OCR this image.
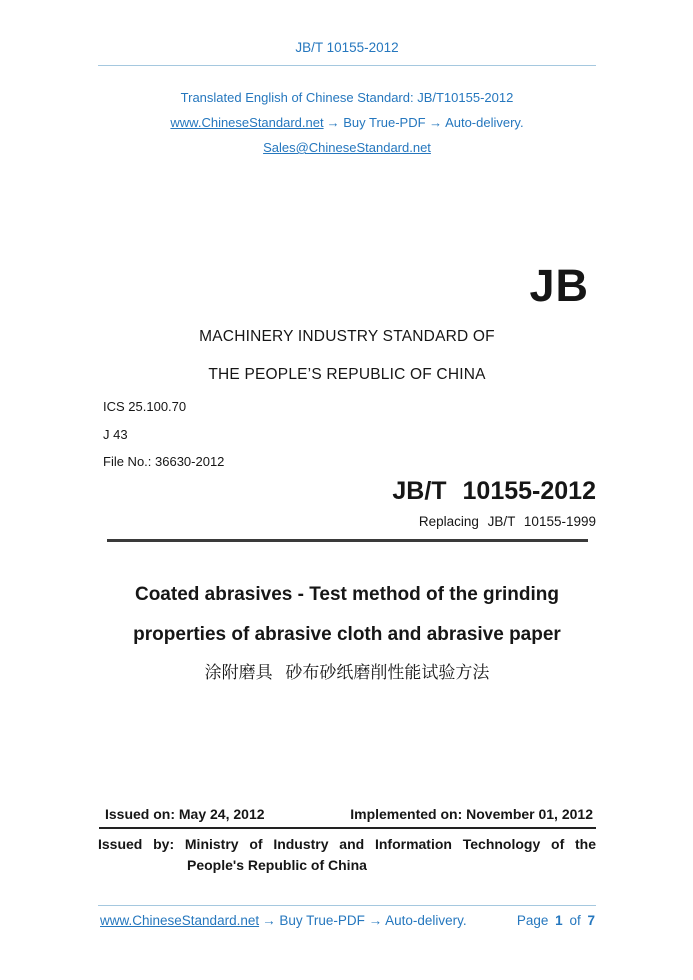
JB/T 10155-2012
Translated English of Chinese Standard: JB/T10155-2012
www.ChineseStandard.net → Buy True-PDF → Auto-delivery.
Sales@ChineseStandard.net
JB
MACHINERY INDUSTRY STANDARD OF
THE PEOPLE’S REPUBLIC OF CHINA
ICS 25.100.70
J 43
File No.: 36630-2012
JB/T 10155-2012
Replacing JB/T 10155-1999
Coated abrasives - Test method of the grinding
properties of abrasive cloth and abrasive paper
涂附磨具 砂布砂纸磨削性能试验方法
Issued on: May 24, 2012	Implemented on: November 01, 2012
Issued by: Ministry of Industry and Information Technology of the
People's Republic of China
www.ChineseStandard.net → Buy True-PDF → Auto-delivery.	Page 1 of 7
